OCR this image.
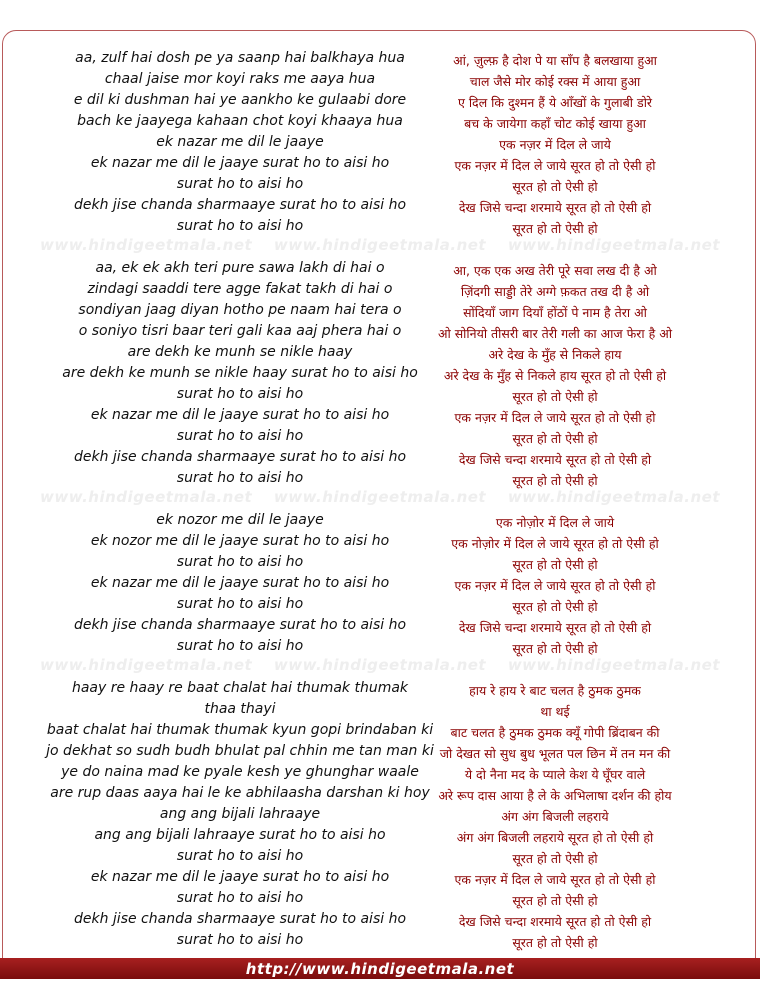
www.hindigeetmala.net www.hindigeetmala.net www.hindigeetmala.net
www.hindigeetmala.net www.hindigeetmala.net www.hindigeetmala.net
www.hindigeetmala.net www.hindigeetmala.net www.hindigeetmala.net
aa, zulf hai dosh pe ya saanp hai balkhaya hua	आं, ज़ुल्फ़ है दोश पे या साँप है बलखाया हुआ
chaal jaise mor koyi raks me aaya hua	चाल जैसे मोर कोई रक्स में आया हुआ
e dil ki dushman hai ye aankho ke gulaabi dore	ए दिल कि दुश्मन हैं ये आँखों के गुलाबी डोरे
bach ke jaayega kahaan chot koyi khaaya hua	बच के जायेगा कहाँ चोट कोई खाया हुआ
ek nazar me dil le jaaye	एक नज़र में दिल ले जाये
ek nazar me dil le jaaye surat ho to aisi ho	एक नज़र में दिल ले जाये सूरत हो तो ऐसी हो
surat ho to aisi ho	सूरत हो तो ऐसी हो
dekh jise chanda sharmaaye surat ho to aisi ho	देख जिसे चन्दा शरमाये सूरत हो तो ऐसी हो
surat ho to aisi ho	सूरत हो तो ऐसी हो
aa, ek ek akh teri pure sawa lakh di hai o	आ, एक एक अख तेरी पूरे सवा लख दी है ओ
zindagi saaddi tere agge fakat takh di hai o	ज़िंदगी साड्डी तेरे अग्गे फ़कत तख दी है ओ
sondiyan jaag diyan hotho pe naam hai tera o	सोंदियाँ जाग दियाँ होंठों पे नाम है तेरा ओ
o soniyo tisri baar teri gali kaa aaj phera hai o	ओ सोनियो तीसरी बार तेरी गली का आज फेरा है ओ
are dekh ke munh se nikle haay	अरे देख के मुँह से निकले हाय
are dekh ke munh se nikle haay surat ho to aisi ho अरे देख के मुँह से निकले हाय सूरत हो तो ऐसी हो
surat ho to aisi ho	सूरत हो तो ऐसी हो
ek nazar me dil le jaaye surat ho to aisi ho	एक नज़र में दिल ले जाये सूरत हो तो ऐसी हो
surat ho to aisi ho	सूरत हो तो ऐसी हो
dekh jise chanda sharmaaye surat ho to aisi ho	देख जिसे चन्दा शरमाये सूरत हो तो ऐसी हो
surat ho to aisi ho	सूरत हो तो ऐसी हो
ek nozor me dil le jaaye	एक नोज़ोर में दिल ले जाये
ek nozor me dil le jaaye surat ho to aisi ho	एक नोज़ोर में दिल ले जाये सूरत हो तो ऐसी हो
surat ho to aisi ho	सूरत हो तो ऐसी हो
ek nazar me dil le jaaye surat ho to aisi ho	एक नज़र में दिल ले जाये सूरत हो तो ऐसी हो
surat ho to aisi ho	सूरत हो तो ऐसी हो
dekh jise chanda sharmaaye surat ho to aisi ho	देख जिसे चन्दा शरमाये सूरत हो तो ऐसी हो
surat ho to aisi ho	सूरत हो तो ऐसी हो
haay re haay re baat chalat hai thumak thumak	हाय रे हाय रे बाट चलत है ठुमक ठुमक
thaa thayi	था थई
baat chalat hai thumak thumak kyun gopi brindaban ki बाट चलत है ठुमक ठुमक क्यूँ गोपी ब्रिंदाबन की
jo dekhat so sudh budh bhulat pal chhin me tan man ki जो देखत सो सुध बुध भूलत पल छिन में तन मन की
ye do naina mad ke pyale kesh ye ghunghar waale	ये दो नैना मद के प्याले केश ये घूँघर वाले
are rup daas aaya hai le ke abhilaasha darshan ki hoy अरे रूप दास आया है ले के अभिलाषा दर्शन की होय
ang ang bijali lahraaye	अंग अंग बिजली लहराये
ang ang bijali lahraaye surat ho to aisi ho	अंग अंग बिजली लहराये सूरत हो तो ऐसी हो
surat ho to aisi ho	सूरत हो तो ऐसी हो
ek nazar me dil le jaaye surat ho to aisi ho	एक नज़र में दिल ले जाये सूरत हो तो ऐसी हो
surat ho to aisi ho	सूरत हो तो ऐसी हो
dekh jise chanda sharmaaye surat ho to aisi ho	देख जिसे चन्दा शरमाये सूरत हो तो ऐसी हो
surat ho to aisi ho	सूरत हो तो ऐसी हो
http://www.hindigeetmala.net
